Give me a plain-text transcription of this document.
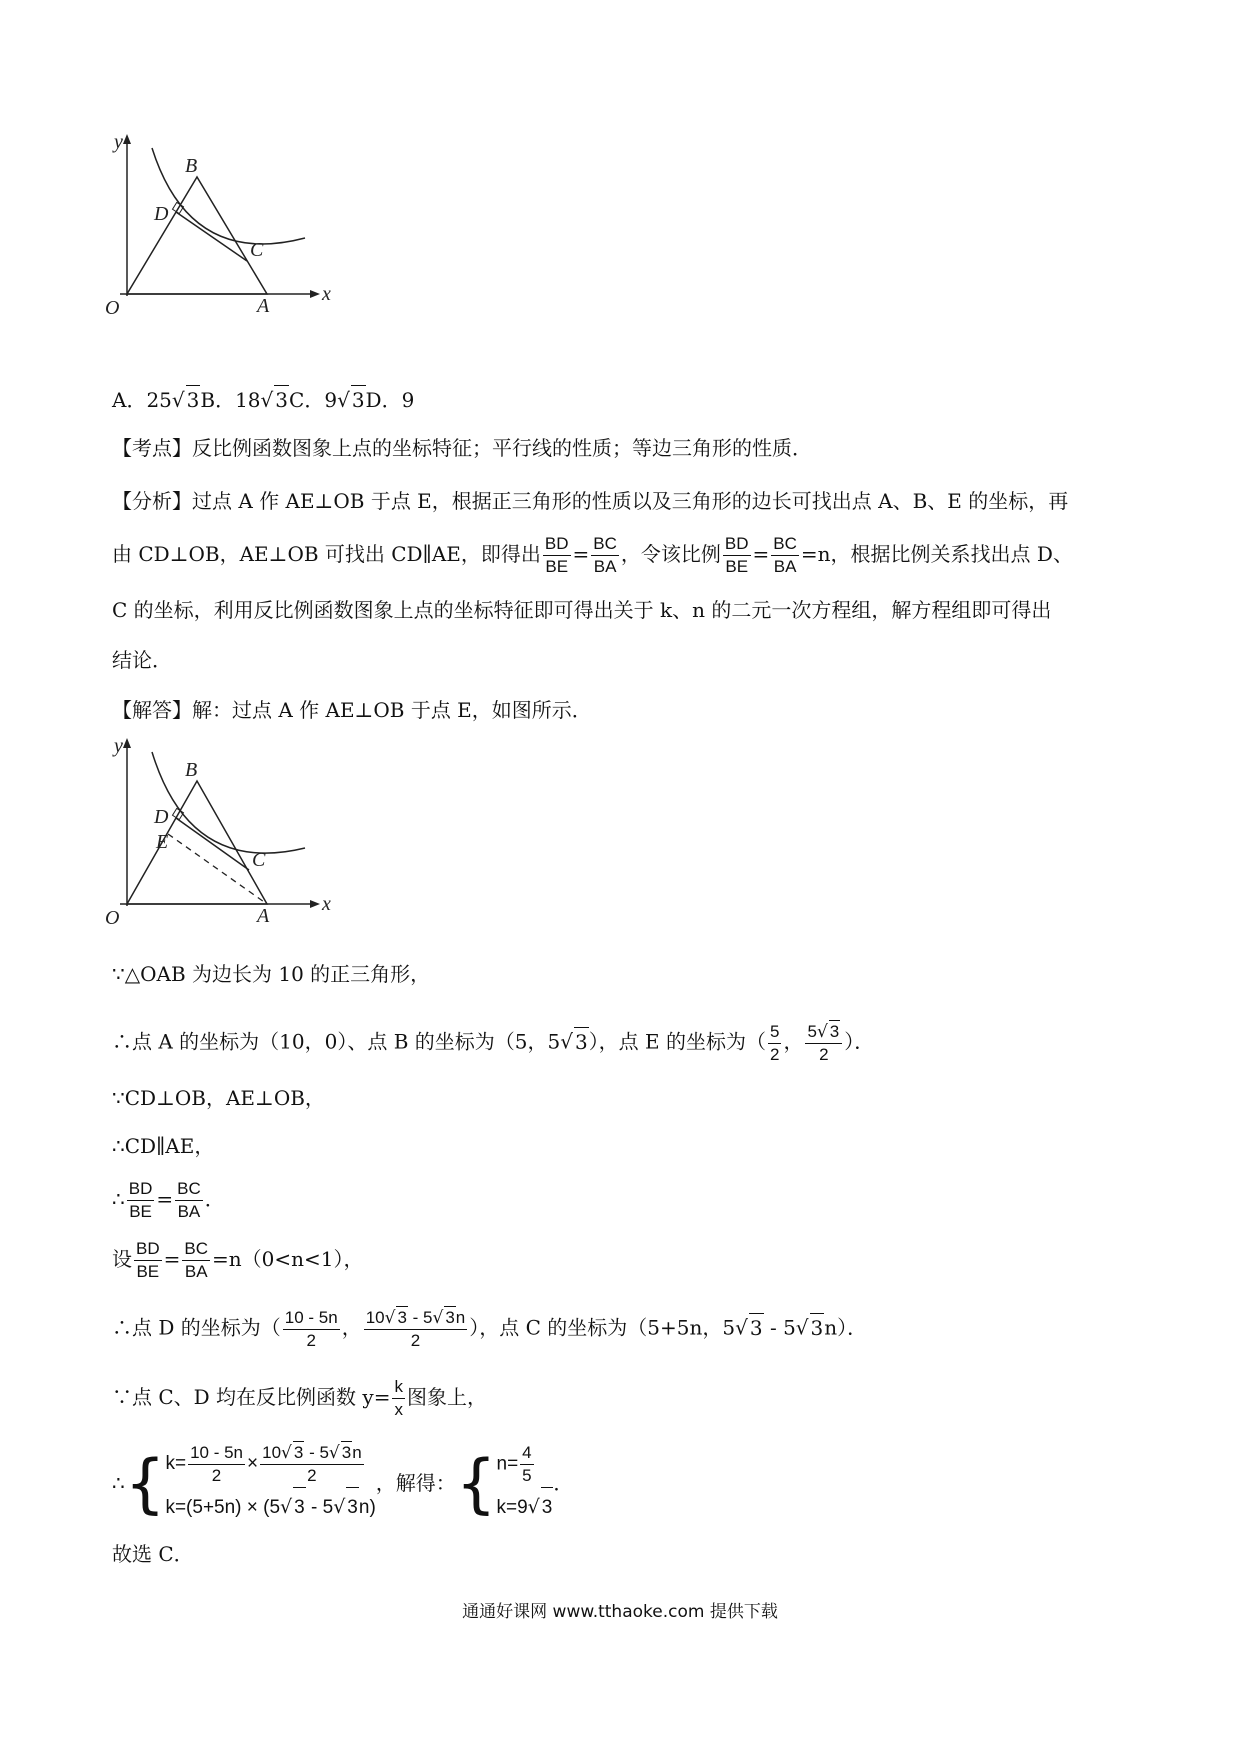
y
x
O	A
B
C
D
A．25√ 3B．18√ 3C．9√ 3D．9
【考点】反比例函数图象上点的坐标特征；平行线的性质；等边三角形的性质．
【分析】过点 A 作 AE⊥OB 于点 E，根据正三角形的性质以及三角形的边长可找出点 A、B、E 的坐标，再
由 CD⊥OB，AE⊥OB 可找出 CD∥AE，即得出 $\frac{BD}{BE} = \frac{BC}{BA}$ ，令该比例 $\frac{BD}{BE} = \frac{BC}{BA} =n$，根据比例关系找出点 D、
C 的坐标，利用反比例函数图象上点的坐标特征即可得出关于 k、n 的二元一次方程组，解方程组即可得出
结论．
【解答】解：过点 A 作 AE⊥OB 于点 E，如图所示．
y
x
O	A
B
C
D
E
∵△OAB 为边长为 10 的正三角形，
∴点 A 的坐标为（10，0）、点 B 的坐标为（5，5√ 3），点 E 的坐标为（ $\frac{5}{2}$ ， $\frac{5√ 3}{2}$ ）．
∵CD⊥OB，AE⊥OB，
∴CD∥AE，
∴ $\frac{BD}{BE} = \frac{BC}{BA}$ ．
设 $\frac{BD}{BE} = \frac{BC}{BA} =n(0<n<1)$，
∴点 D 的坐标为（ $\frac{10 - 5n}{2}$ ， $\frac{10√ 3 - 5√ 3n}{2}$ ），点 C 的坐标为（5+5n，5√ 3 - 5√ 3n）．
∵点 C、D 均在反比例函数 $y= \frac{k}{x}$ 图象上，
∴{ $k= \frac{10 - 5n}{2} \times \frac{10√ 3 - 5√ 3n}{2}$
k=(5+5n) × (5√ 3 - 5√ 3n)
，解得：{ $n= \frac{4}{5}$
k=9√ 3
．
故选 C．
通通好课网 www.tthaoke.com 提供下载
